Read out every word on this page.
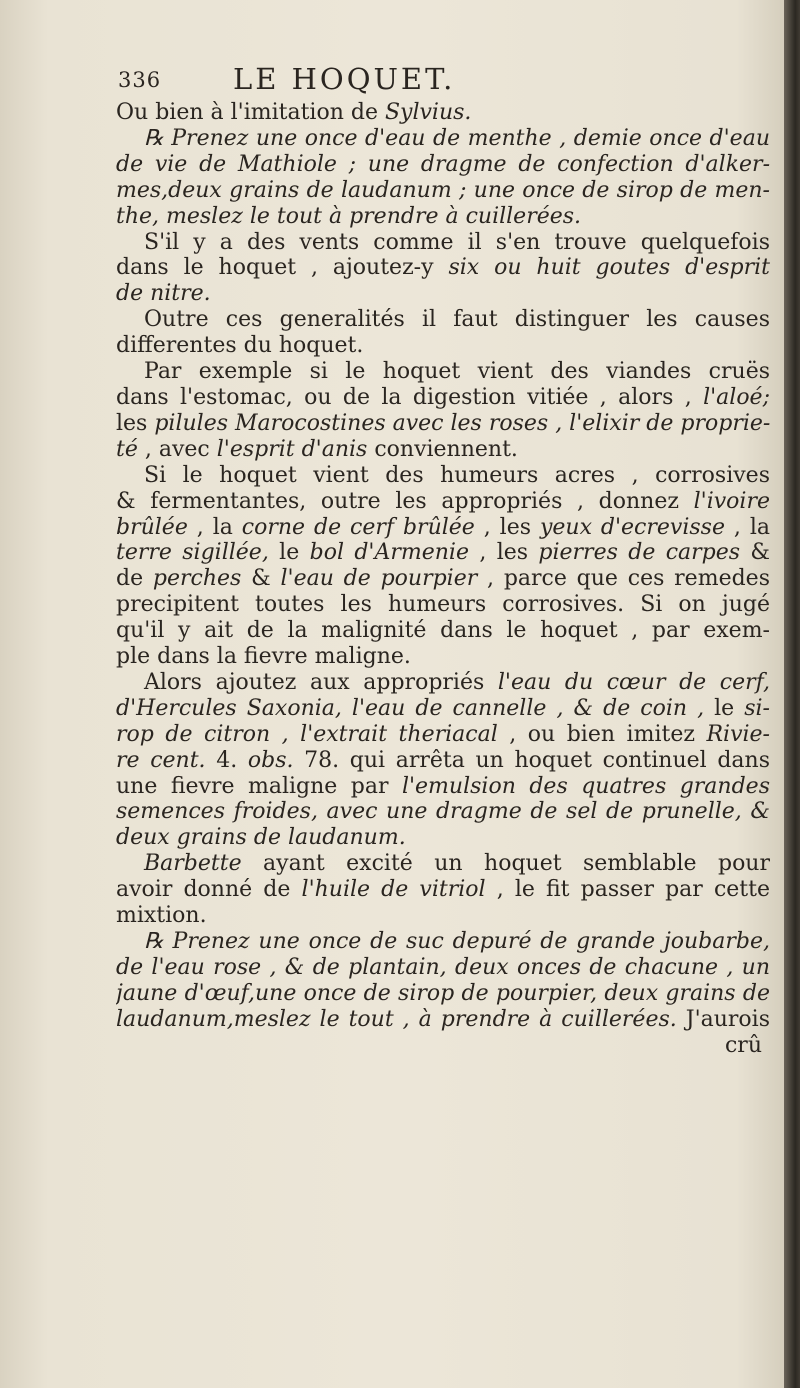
336 LE HOQUET.
Ou bien à l'imitation de Sylvius.
℞ Prenez une once d'eau de menthe , demie once d'eau
de vie de Mathiole ; une dragme de confection d'alker-
mes,deux grains de laudanum ; une once de sirop de men-
the, meslez le tout à prendre à cuillerées.
S'il y a des vents comme il s'en trouve quelquefois
dans le hoquet , ajoutez-y six ou huit goutes d'esprit
de nitre.
Outre ces generalités il faut distinguer les causes
differentes du hoquet.
Par exemple si le hoquet vient des viandes cruës
dans l'estomac, ou de la digestion vitiée , alors , l'aloé;
les pilules Marocostines avec les roses , l'elixir de proprie-
té , avec l'esprit d'anis conviennent.
Si le hoquet vient des humeurs acres , corrosives
& fermentantes, outre les appropriés , donnez l'ivoire
brûlée , la corne de cerf brûlée , les yeux d'ecrevisse , la
terre sigillée, le bol d'Armenie , les pierres de carpes &
de perches & l'eau de pourpier , parce que ces remedes
precipitent toutes les humeurs corrosives. Si on jugé
qu'il y ait de la malignité dans le hoquet , par exem-
ple dans la fievre maligne.
Alors ajoutez aux appropriés l'eau du cœur de cerf,
d'Hercules Saxonia, l'eau de cannelle , & de coin , le si-
rop de citron , l'extrait theriacal , ou bien imitez Rivie-
re cent. 4. obs. 78. qui arrêta un hoquet continuel dans
une fievre maligne par l'emulsion des quatres grandes
semences froides, avec une dragme de sel de prunelle, &
deux grains de laudanum.
Barbette ayant excité un hoquet semblable pour
avoir donné de l'huile de vitriol , le fit passer par cette
mixtion.
℞ Prenez une once de suc depuré de grande joubarbe,
de l'eau rose , & de plantain, deux onces de chacune , un
jaune d'œuf,une once de sirop de pourpier, deux grains de
laudanum,meslez le tout , à prendre à cuillerées. J'aurois
crû
